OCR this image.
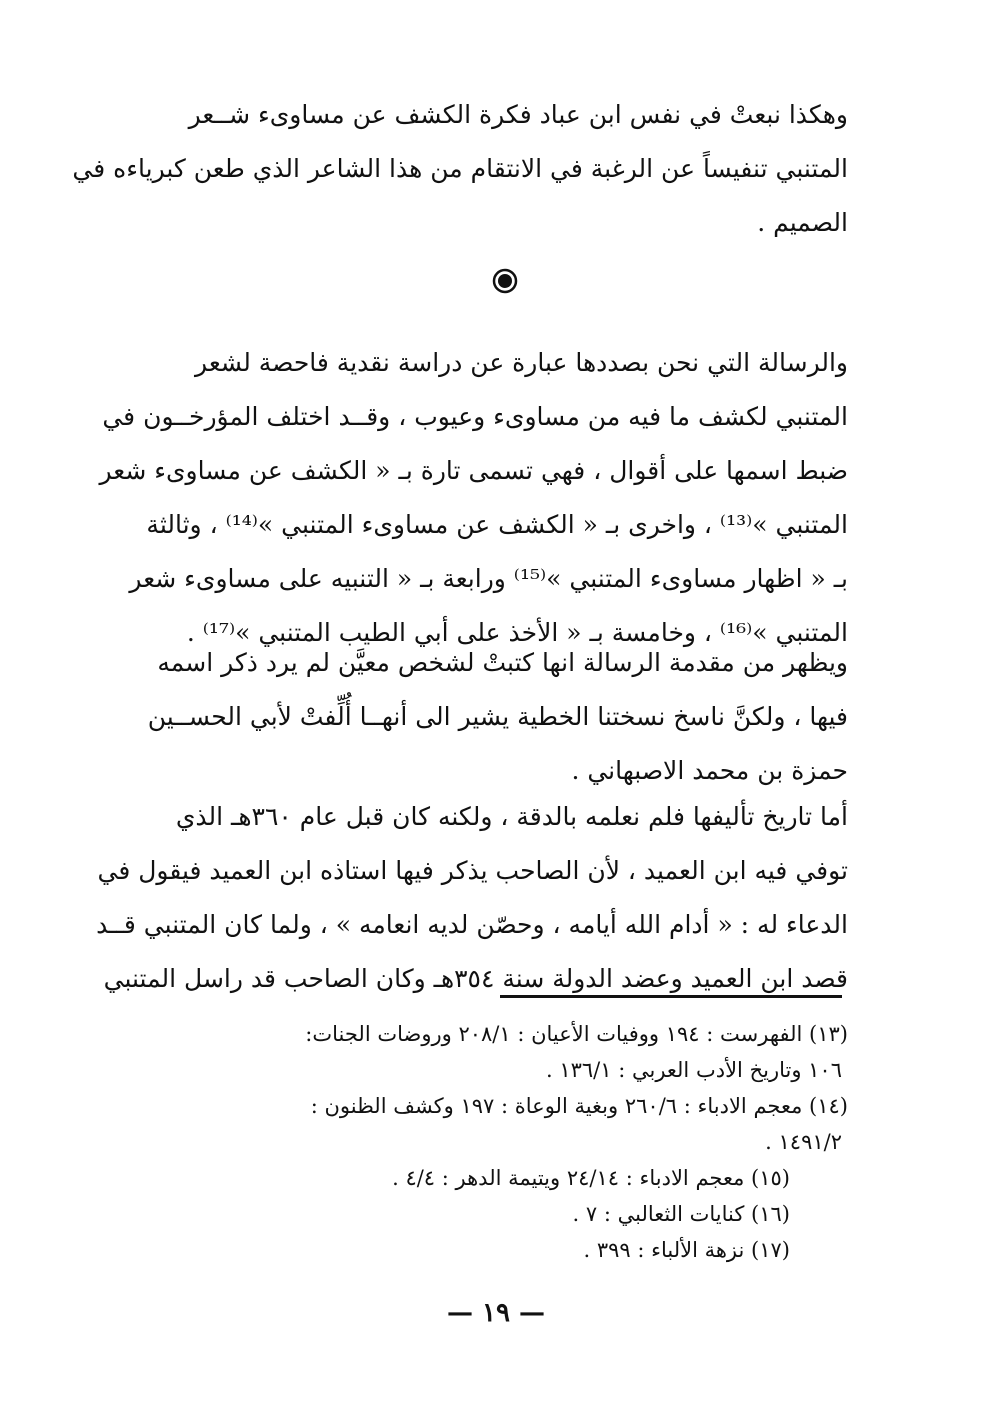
وهكذا نبعتْ في نفس ابن عباد فكرة الكشف عن مساوىء شــعر
المتنبي تنفيساً عن الرغبة في الانتقام من هذا الشاعر الذي طعن كبرياءه في
الصميم .
والرسالة التي نحن بصددها عبارة عن دراسة نقدية فاحصة لشعر
المتنبي لكشف ما فيه من مساوىء وعيوب ، وقــد اختلف المؤرخــون في
ضبط اسمها على أقوال ، فهي تسمى تارة بـ « الكشف عن مساوىء شعر
المتنبي »⁽¹³⁾ ، واخرى بـ « الكشف عن مساوىء المتنبي »⁽¹⁴⁾ ، وثالثة
بـ « اظهار مساوىء المتنبي »⁽¹⁵⁾ ورابعة بـ « التنبيه على مساوىء شعر
المتنبي »⁽¹⁶⁾ ، وخامسة بـ « الأخذ على أبي الطيب المتنبي »⁽¹⁷⁾ .
ويظهر من مقدمة الرسالة انها كتبتْ لشخص معيَّن لم يرد ذكر اسمه
فيها ، ولكنَّ ناسخ نسختنا الخطية يشير الى أنهــا أُلِّفتْ لأبي الحســين
حمزة بن محمد الاصبهاني .
أما تاريخ تأليفها فلم نعلمه بالدقة ، ولكنه كان قبل عام ٣٦٠هـ الذي
توفي فيه ابن العميد ، لأن الصاحب يذكر فيها استاذه ابن العميد فيقول في
الدعاء له : « أدام الله أيامه ، وحصّن لديه انعامه » ، ولما كان المتنبي قــد
قصد ابن العميد وعضد الدولة سنة ٣٥٤هـ وكان الصاحب قد راسل المتنبي
(١٣) الفهرست : ١٩٤ ووفيات الأعيان : ٢٠٨/١ وروضات الجنات:
١٠٦ وتاريخ الأدب العربي : ١٣٦/١ .
(١٤) معجم الادباء : ٢٦٠/٦ وبغية الوعاة : ١٩٧ وكشف الظنون :
١٤٩١/٢ .
(١٥) معجم الادباء : ٢٤/١٤ ويتيمة الدهر : ٤/٤ .
(١٦) كنايات الثعالبي : ٧ .
(١٧) نزهة الألباء : ٣٩٩ .
— ١٩ —
